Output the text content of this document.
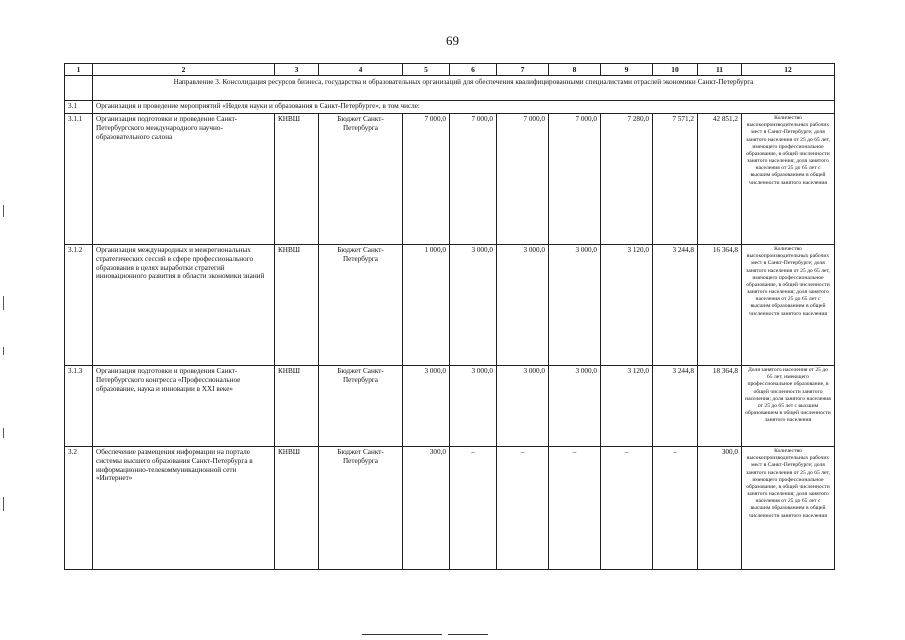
69
1	2	3	4	5	6	7	8	9	10	11	12
	Направление 3. Консолидация ресурсов бизнеса, государства и образовательных организаций для обеспечения квалифицированными специалистами отраслей экономики Санкт-Петербурга										
3.1	Организация и проведение мероприятий «Неделя науки и образования в Санкт-Петербурге», в том числе:										
3.1.1	Организация подготовки и проведение Санкт-Петербургского международного научно-образовательного салона	КНВШ	Бюджет Санкт-Петербурга	7 000,0	7 000,0	7 000,0	7 000,0	7 280,0	7 571,2	42 851,2	Количество высокопроизводительных рабочих мест в Санкт-Петербурге; доля занятого населения от 25 до 65 лет, имеющего профессиональное образование, в общей численности занятого населения; доля занятого населения от 25 до 65 лет с высшим образованием в общей численности занятого населения
3.1.2	Организация международных и межрегиональных стратегических сессий в сфере профессионального образования в целях выработки стратегий инновационного развития в области экономики знаний	КНВШ	Бюджет Санкт-Петербурга	1 000,0	3 000,0	3 000,0	3 000,0	3 120,0	3 244,8	16 364,8	Количество высокопроизводительных рабочих мест в Санкт-Петербурге; доля занятого населения от 25 до 65 лет, имеющего профессиональное образование, в общей численности занятого населения; доля занятого населения от 25 до 65 лет с высшим образованием в общей численности занятого населения
3.1.3	Организация подготовки и проведения Санкт-Петербургского конгресса «Профессиональное образование, наука и инновации в XXI веке»	КНВШ	Бюджет Санкт-Петербурга	3 000,0	3 000,0	3 000,0	3 000,0	3 120,0	3 244,8	18 364,8	Доля занятого населения от 25 до 65 лет, имеющего профессиональное образование, в общей численности занятого населения; доля занятого населения от 25 до 65 лет с высшим образованием в общей численности занятого населения
3.2	Обеспечение размещения информации на портале системы высшего образования Санкт-Петербурга в информационно-телекоммуникационной сети «Интернет»	КНВШ	Бюджет Санкт-Петербурга	300,0	–	–	–	–	–	300,0	Количество высокопроизводительных рабочих мест в Санкт-Петербурге; доля занятого населения от 25 до 65 лет, имеющего профессиональное образование, в общей численности занятого населения; доля занятого населения от 25 до 65 лет с высшим образованием в общей численности занятого населения
